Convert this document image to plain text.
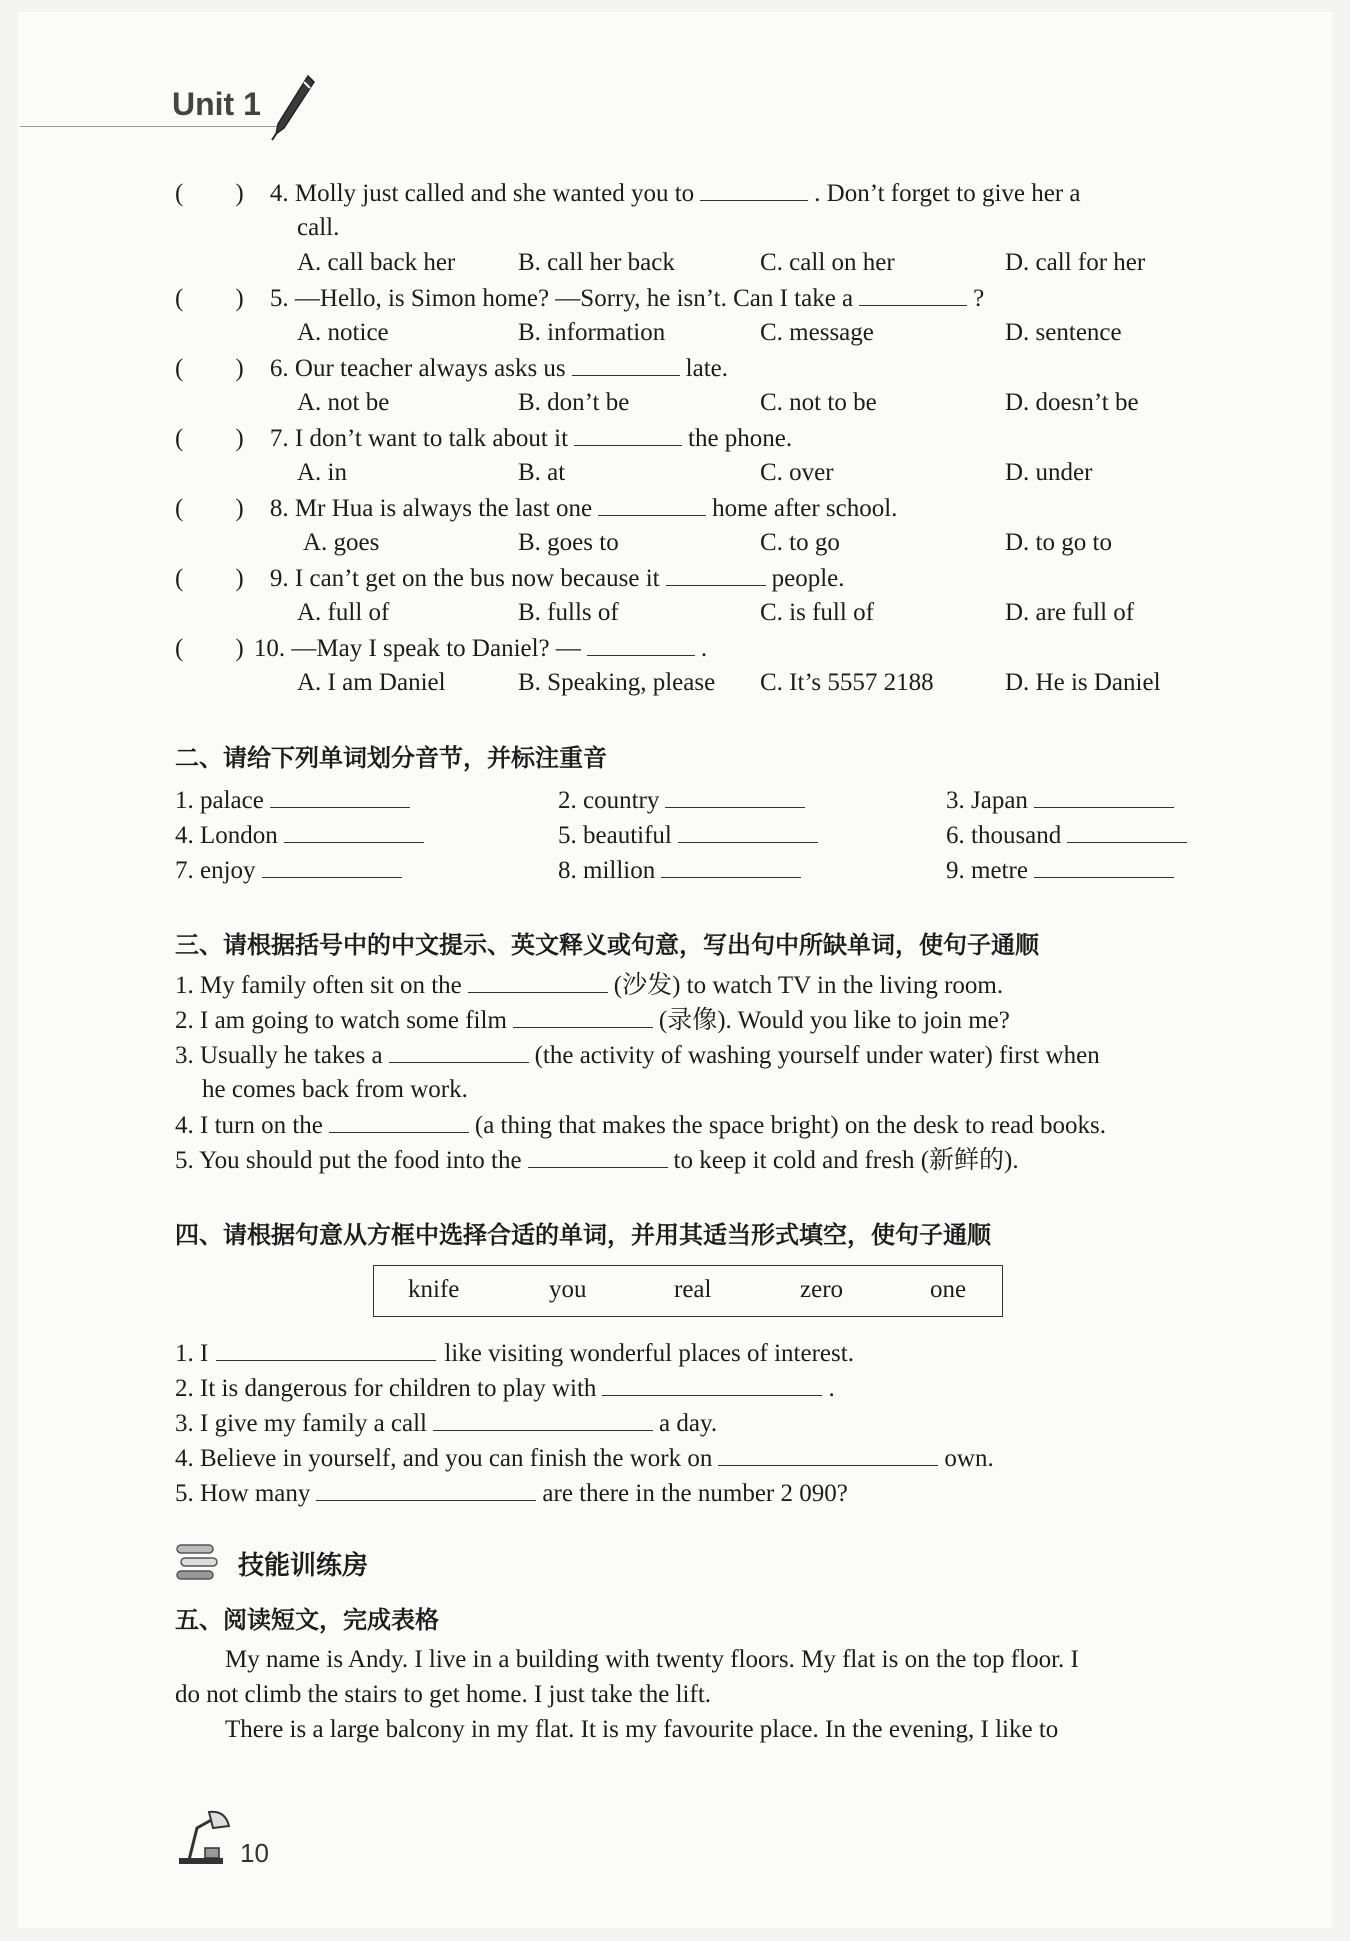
Unit 1
( ) 4. Molly just called and she wanted you to	. Don’t forget to give her a
call.
A. call back her	B. call her back	C. call on her	D. call for her
( ) 5. —Hello, is Simon home? —Sorry, he isn’t. Can I take a	?
A. notice	B. information	C. message	D. sentence
( ) 6. Our teacher always asks us	late.
A. not be	B. don’t be	C. not to be	D. doesn’t be
( ) 7. I don’t want to talk about it	the phone.
A. in	B. at	C. over	D. under
( ) 8. Mr Hua is always the last one	home after school.
A. goes	B. goes to	C. to go	D. to go to
( ) 9. I can’t get on the bus now because it	people.
A. full of	B. fulls of	C. is full of	D. are full of
( ) 10. —May I speak to Daniel? —	.
A. I am Daniel	B. Speaking, please C. It’s 5557 2188	D. He is Daniel
二、请给下列单词划分音节，并标注重音
1. palace	2. country	3. Japan
4. London	5. beautiful	6. thousand
7. enjoy	8. million	9. metre
三、请根据括号中的中文提示、英文释义或句意，写出句中所缺单词，使句子通顺
1. My family often sit on the	(沙发) to watch TV in the living room.
2. I am going to watch some film	(录像). Would you like to join me?
3. Usually he takes a	(the activity of washing yourself under water) first when
he comes back from work.
4. I turn on the	(a thing that makes the space bright) on the desk to read books.
5. You should put the food into the	to keep it cold and fresh (新鲜的).
四、请根据句意从方框中选择合适的单词，并用其适当形式填空，使句子通顺
knife	you	real	zero	one
1. I	like visiting wonderful places of interest.
2. It is dangerous for children to play with	.
3. I give my family a call	a day.
4. Believe in yourself, and you can finish the work on	own.
5. How many	are there in the number 2 090?
技能训练房
五、阅读短文，完成表格
My name is Andy. I live in a building with twenty floors. My flat is on the top floor. I
do not climb the stairs to get home. I just take the lift.
There is a large balcony in my flat. It is my favourite place. In the evening, I like to
10
